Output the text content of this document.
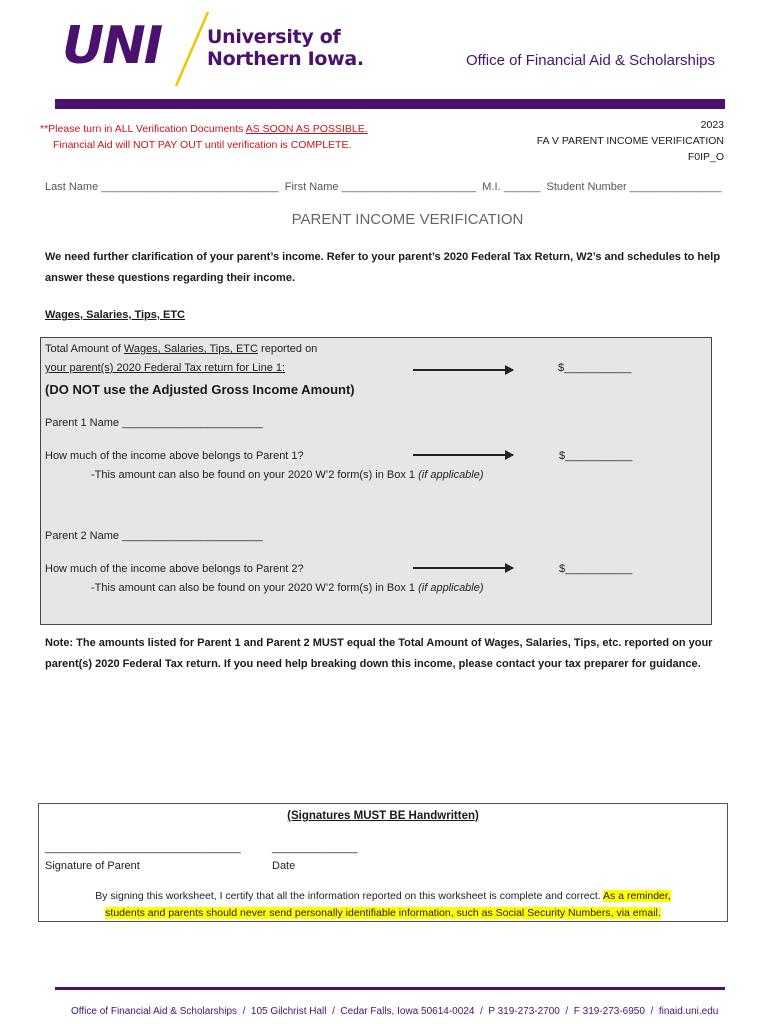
UNI University of
Northern Iowa.	Office of Financial Aid & Scholarships
**Please turn in ALL Verification Documents AS SOON AS POSSIBLE.
Financial Aid will NOT PAY OUT until verification is COMPLETE.
2023
FA V PARENT INCOME VERIFICATION
F0IP_O
Last Name _____________________________  First Name ______________________  M.I. ______  Student Number _______________
PARENT INCOME VERIFICATION
We need further clarification of your parent’s income. Refer to your parent’s 2020 Federal Tax Return, W2’s and schedules to help answer these questions regarding their income.
Wages, Salaries, Tips, ETC
Total Amount of Wages, Salaries, Tips, ETC reported on
your parent(s) 2020 Federal Tax return for Line 1:	$___________
(DO NOT use the Adjusted Gross Income Amount)
Parent 1 Name _______________________
How much of the income above belongs to Parent 1?	$___________
-This amount can also be found on your 2020 W’2 form(s) in Box 1 (if applicable)
Parent 2 Name _______________________
How much of the income above belongs to Parent 2?	$___________
-This amount can also be found on your 2020 W’2 form(s) in Box 1 (if applicable)
Note: The amounts listed for Parent 1 and Parent 2 MUST equal the Total Amount of Wages, Salaries, Tips, etc. reported on your parent(s) 2020 Federal Tax return. If you need help breaking down this income, please contact your tax preparer for guidance.
(Signatures MUST BE Handwritten)
________________________________
Signature of Parent
______________
Date
By signing this worksheet, I certify that all the information reported on this worksheet is complete and correct. As a reminder,
students and parents should never send personally identifiable information, such as Social Security Numbers, via email.
Office of Financial Aid & Scholarships  /  105 Gilchrist Hall  /  Cedar Falls, Iowa 50614-0024  /  P 319-273-2700  /  F 319-273-6950  /  finaid.uni.edu
